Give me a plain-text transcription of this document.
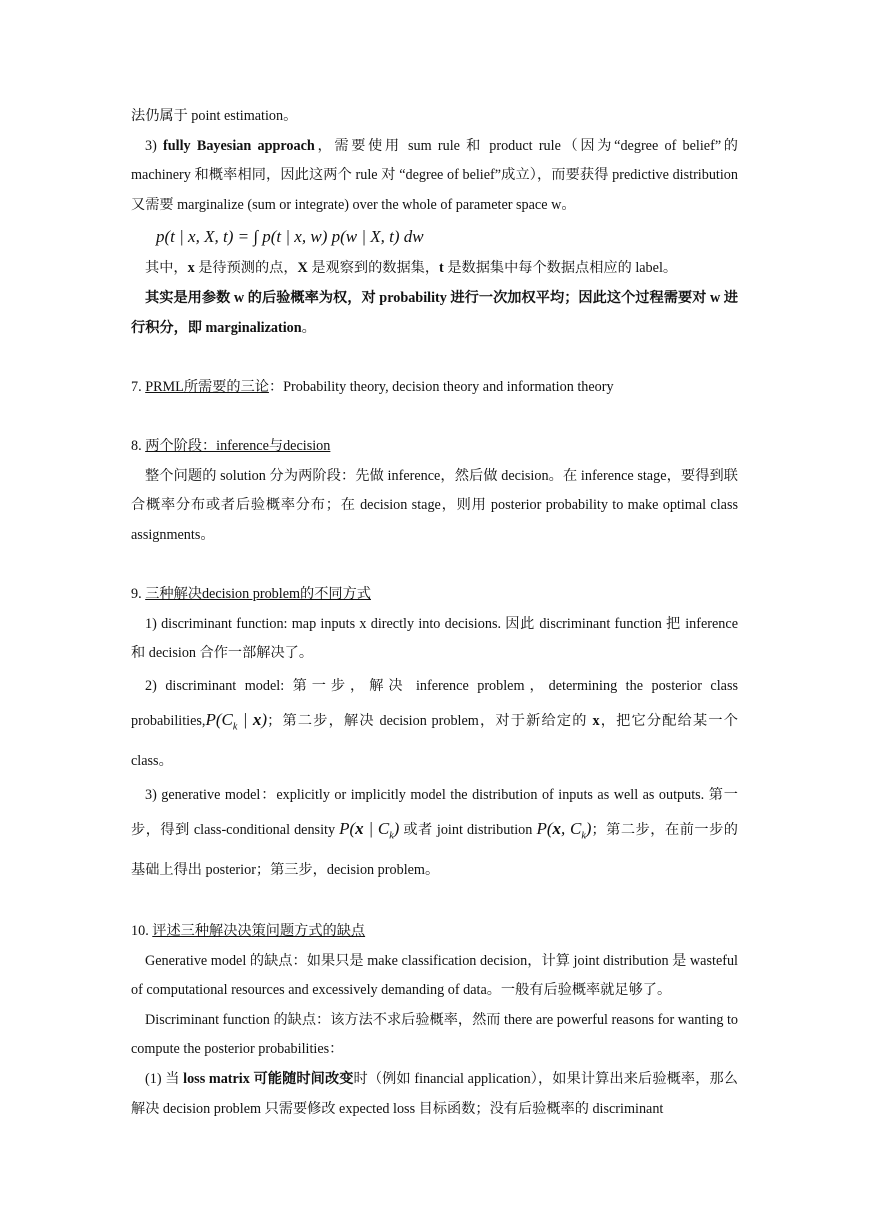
法仍属于 point estimation。

3) fully Bayesian approach，需要使用 sum rule 和 product rule（因为“degree of belief”的 machinery 和概率相同，因此这两个 rule 对 “degree of belief”成立），而要获得 predictive distribution 又需要 marginalize (sum or integrate) over the whole of parameter space w。

p(t | x, X, t) = ∫ p(t | x, w) p(w | X, t) dw

其中，x 是待预测的点，X 是观察到的数据集，t 是数据集中每个数据点相应的 label。

其实是用参数 w 的后验概率为权，对 probability 进行一次加权平均；因此这个过程需要对 w 进行积分，即 marginalization。

7. PRML所需要的三论：Probability theory, decision theory and information theory

8. 两个阶段：inference与decision

整个问题的 solution 分为两阶段：先做 inference，然后做 decision。在 inference stage，要得到联合概率分布或者后验概率分布；在 decision stage，则用 posterior probability to make optimal class assignments。

9. 三种解决decision problem的不同方式

1) discriminant function: map inputs x directly into decisions. 因此 discriminant function 把 inference 和 decision 合作一部解决了。

2) discriminant model: 第一步，解决 inference problem，determining the posterior class $probabilities,P(C_k$ | x)；第二步，解决 decision problem，对于新给定的 x，把它分配给某一个 class。

3) generative model：explicitly or implicitly model the distribution of inputs as well as outputs. 第一步，得到 class-conditional density P(x | $C_k$) 或者 joint distribution P(x, $C_k$)；第二步，在前一步的基础上得出 posterior；第三步，decision problem。

10. 评述三种解决决策问题方式的缺点

Generative model 的缺点：如果只是 make classification decision，计算 joint distribution 是 wasteful of computational resources and excessively demanding of data。一般有后验概率就足够了。

Discriminant function 的缺点：该方法不求后验概率，然而 there are powerful reasons for wanting to compute the posterior probabilities：

(1) 当 loss matrix 可能随时间改变时（例如 financial application），如果计算出来后验概率，那么解决 decision problem 只需要修改 expected loss 目标函数；没有后验概率的 discriminant
